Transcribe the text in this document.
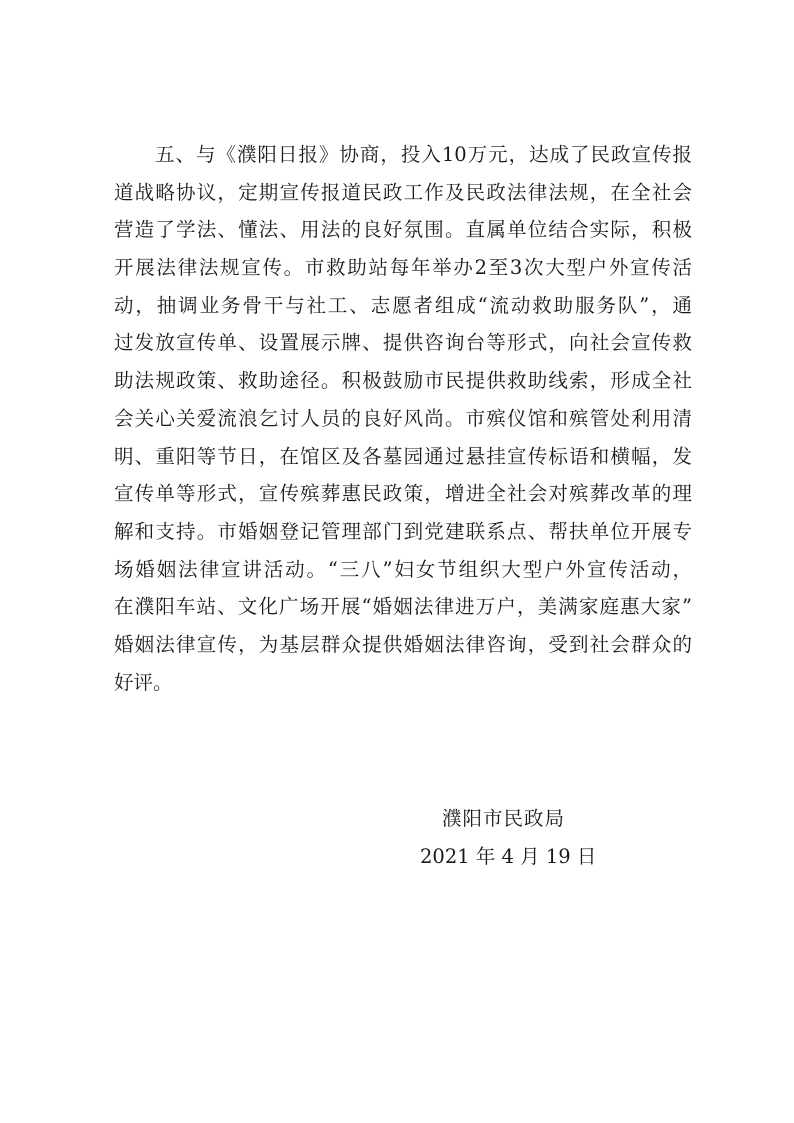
五、与《濮阳日报》协商，投入10万元，达成了民政宣传报
道战略协议，定期宣传报道民政工作及民政法律法规，在全社会
营造了学法、懂法、用法的良好氛围。直属单位结合实际，积极
开展法律法规宣传。市救助站每年举办2至3次大型户外宣传活
动，抽调业务骨干与社工、志愿者组成“流动救助服务队”，通
过发放宣传单、设置展示牌、提供咨询台等形式，向社会宣传救
助法规政策、救助途径。积极鼓励市民提供救助线索，形成全社
会关心关爱流浪乞讨人员的良好风尚。市殡仪馆和殡管处利用清
明、重阳等节日，在馆区及各墓园通过悬挂宣传标语和横幅，发
宣传单等形式，宣传殡葬惠民政策，增进全社会对殡葬改革的理
解和支持。市婚姻登记管理部门到党建联系点、帮扶单位开展专
场婚姻法律宣讲活动。“三八”妇女节组织大型户外宣传活动，
在濮阳车站、文化广场开展“婚姻法律进万户，美满家庭惠大家”
婚姻法律宣传，为基层群众提供婚姻法律咨询，受到社会群众的
好评。
濮阳市民政局
2021 年 4 月 19 日
